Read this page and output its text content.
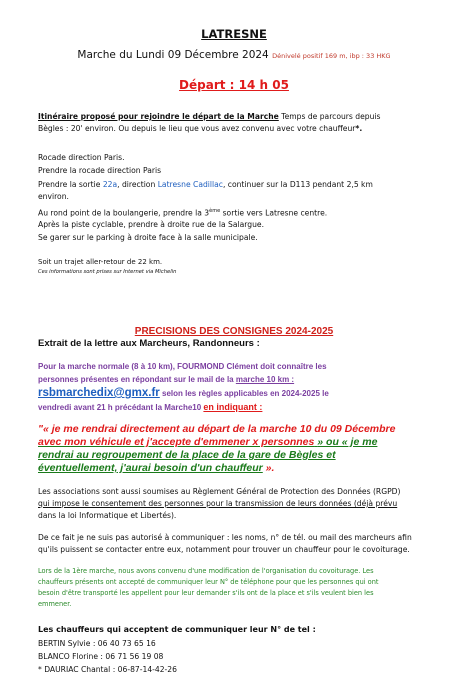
LATRESNE
Marche du Lundi 09 Décembre 2024 Dénivelé positif 169 m, ibp : 33 HKG
Départ : 14 h 05
Itinéraire proposé pour rejoindre le départ de la Marche Temps de parcours depuis
Bègles : 20' environ. Ou depuis le lieu que vous avez convenu avec votre chauffeur*.
Rocade direction Paris.
Prendre la rocade direction Paris
Prendre la sortie 22a, direction Latresne Cadillac, continuer sur la D113 pendant 2,5 km
environ.
Au rond point de la boulangerie, prendre la 3ème sortie vers Latresne centre.
Après la piste cyclable, prendre à droite rue de la Salargue.
Se garer sur le parking à droite face à la salle municipale.
Soit un trajet aller-retour de 22 km.
Ces informations sont prises sur Internet via Michelin
PRECISIONS DES CONSIGNES 2024-2025
Extrait de la lettre aux Marcheurs, Randonneurs :
Pour la marche normale (8 à 10 km), FOURMOND Clément doit connaître les
personnes présentes en répondant sur le mail de la marche 10 km :
rsbmarchedix@gmx.fr selon les règles applicables en 2024-2025 le
vendredi avant 21 h précédant la Marche10 en indiquant :
"« je me rendrai directement au départ de la marche 10 du 09 Décembre
avec mon véhicule et j'accepte d'emmener x personnes » ou « je me
rendrai au regroupement de la place de la gare de Bègles et
éventuellement, j'aurai besoin d'un chauffeur ».
Les associations sont aussi soumises au Règlement Général de Protection des Données (RGPD)
qui impose le consentement des personnes pour la transmission de leurs données (déjà prévu
dans la loi Informatique et Libertés).
De ce fait je ne suis pas autorisé à communiquer : les noms, n° de tél. ou mail des marcheurs afin
qu'ils puissent se contacter entre eux, notamment pour trouver un chauffeur pour le covoiturage.
Lors de la 1ère marche, nous avons convenu d'une modification de l'organisation du covoiturage. Les
chauffeurs présents ont accepté de communiquer leur N° de téléphone pour que les personnes qui ont
besoin d'être transporté les appellent pour leur demander s'ils ont de la place et s'ils veulent bien les
emmener.
Les chauffeurs qui acceptent de communiquer leur N° de tel :
BERTIN Sylvie : 06 40 73 65 16
BLANCO Florine : 06 71 56 19 08
* DAURIAC Chantal : 06-87-14-42-26
